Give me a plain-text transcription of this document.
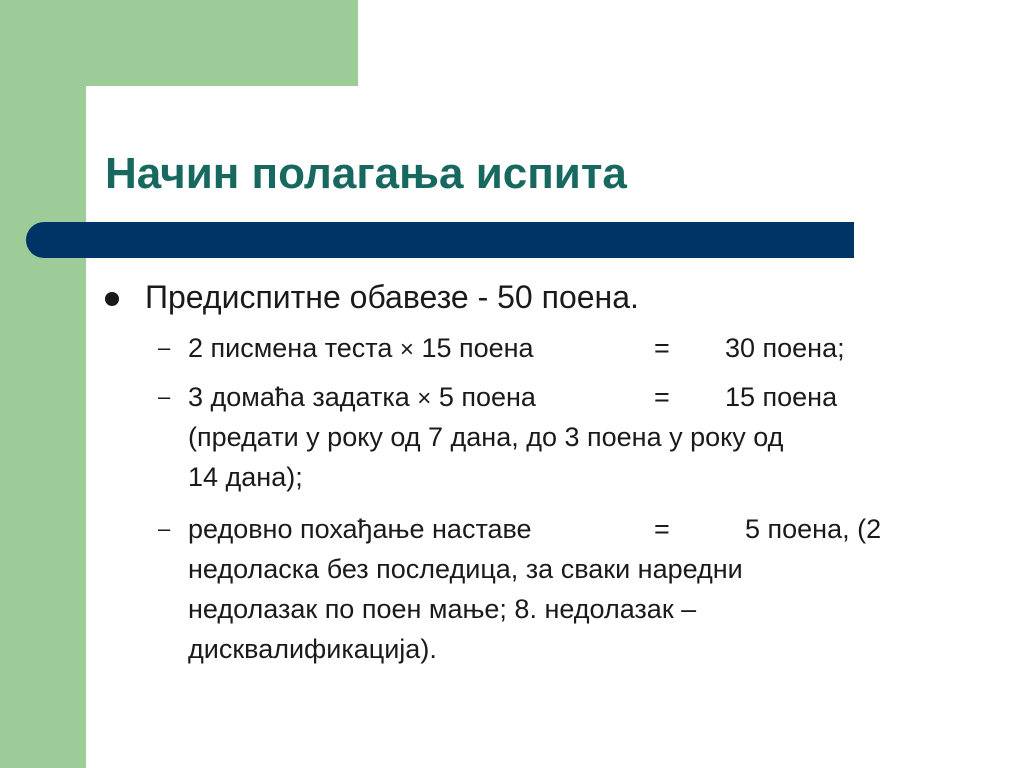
Начин полагања испита
Предиспитне обавезе - 50 поена.
– 2 писмена теста × 15 поена	= 30 поена;
– 3 домаћа задатка × 5 поена	= 15 поена
(предати у року од 7 дана, до 3 поена у року од
14 дана);
– редовно похађање наставе	=	5 поена, (2
недоласка без последица, за сваки наредни
недолазак по поен мање; 8. недолазак –
дисквалификација).
